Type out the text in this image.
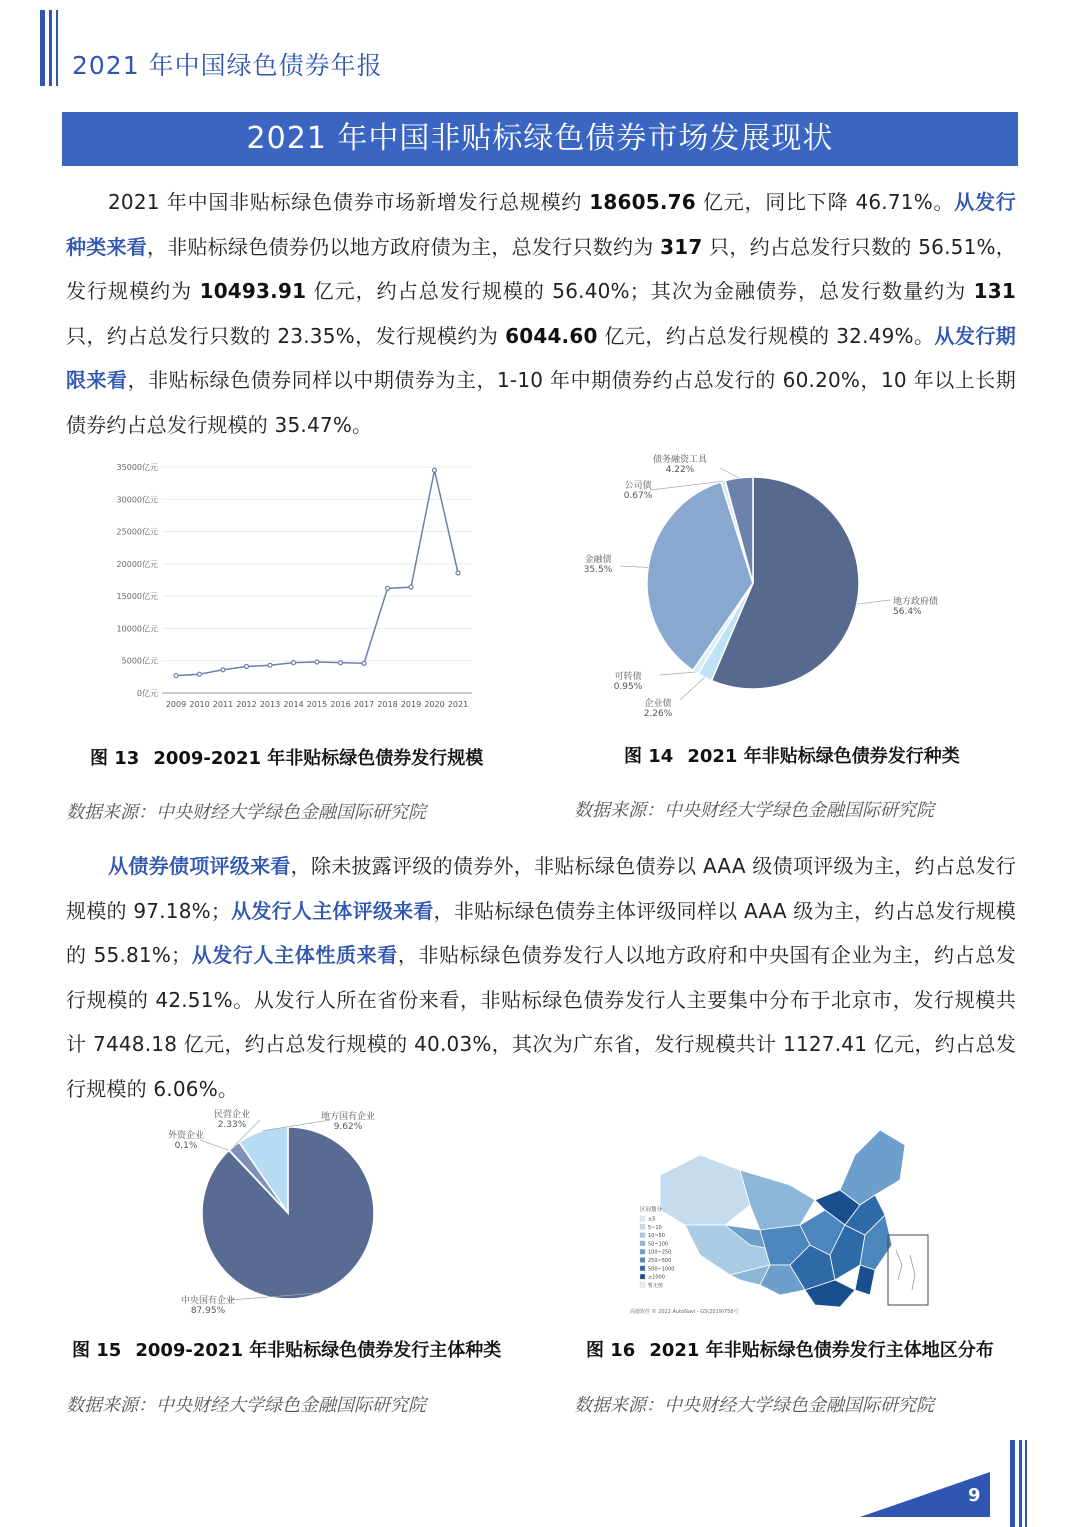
2021 年中国绿色债券年报
2021 年中国非贴标绿色债券市场发展现状
2021 年中国非贴标绿色债券市场新增发行总规模约 18605.76 亿元，同比下降 46.71%。从发行种类来看，非贴标绿色债券仍以地方政府债为主，总发行只数约为 317 只，约占总发行只数的 56.51%，发行规模约为 10493.91 亿元，约占总发行规模的 56.40%；其次为金融债券，总发行数量约为 131 只，约占总发行只数的 23.35%，发行规模约为 6044.60 亿元，约占总发行规模的 32.49%。从发行期限来看，非贴标绿色债券同样以中期债券为主，1-10 年中期债券约占总发行的 60.20%，10 年以上长期债券约占总发行规模的 35.47%。
0亿元
5000亿元
10000亿元
15000亿元
20000亿元
25000亿元
30000亿元
35000亿元
2009 2010 2011 2012 2013 2014 2015 2016 2017 2018 2019 2020 2021
地方政府债
56.4%
企业债
2.26%
可转债
0.95%
金融债
35.5%
公司债
0.67%
债务融资工具
4.22%
图 13 2009-2021 年非贴标绿色债券发行规模	图 14 2021 年非贴标绿色债券发行种类
数据来源：中央财经大学绿色金融国际研究院	数据来源：中央财经大学绿色金融国际研究院
从债券债项评级来看，除未披露评级的债券外，非贴标绿色债券以 AAA 级债项评级为主，约占总发行规模的 97.18%；从发行人主体评级来看，非贴标绿色债券主体评级同样以 AAA 级为主，约占总发行规模的 55.81%；从发行人主体性质来看，非贴标绿色债券发行人以地方政府和中央国有企业为主，约占总发行规模的 42.51%。从发行人所在省份来看，非贴标绿色债券发行人主要集中分布于北京市，发行规模共计 7448.18 亿元，约占总发行规模的 40.03%，其次为广东省，发行规模共计 1127.41 亿元，约占总发行规模的 6.06%。
中央国有企业
87.95%
外资企业
0.1%
民营企业
2.33%
地方国有企业
9.62%
区间划分
≤5
5~10
10~50
50~100
100~250
250~500
500~1000
≥1000
暂无值
高德软件 © 2022 AutoNavi - GS(2019)758号
图 15 2009-2021 年非贴标绿色债券发行主体种类	图 16 2021 年非贴标绿色债券发行主体地区分布
数据来源：中央财经大学绿色金融国际研究院	数据来源：中央财经大学绿色金融国际研究院
9
